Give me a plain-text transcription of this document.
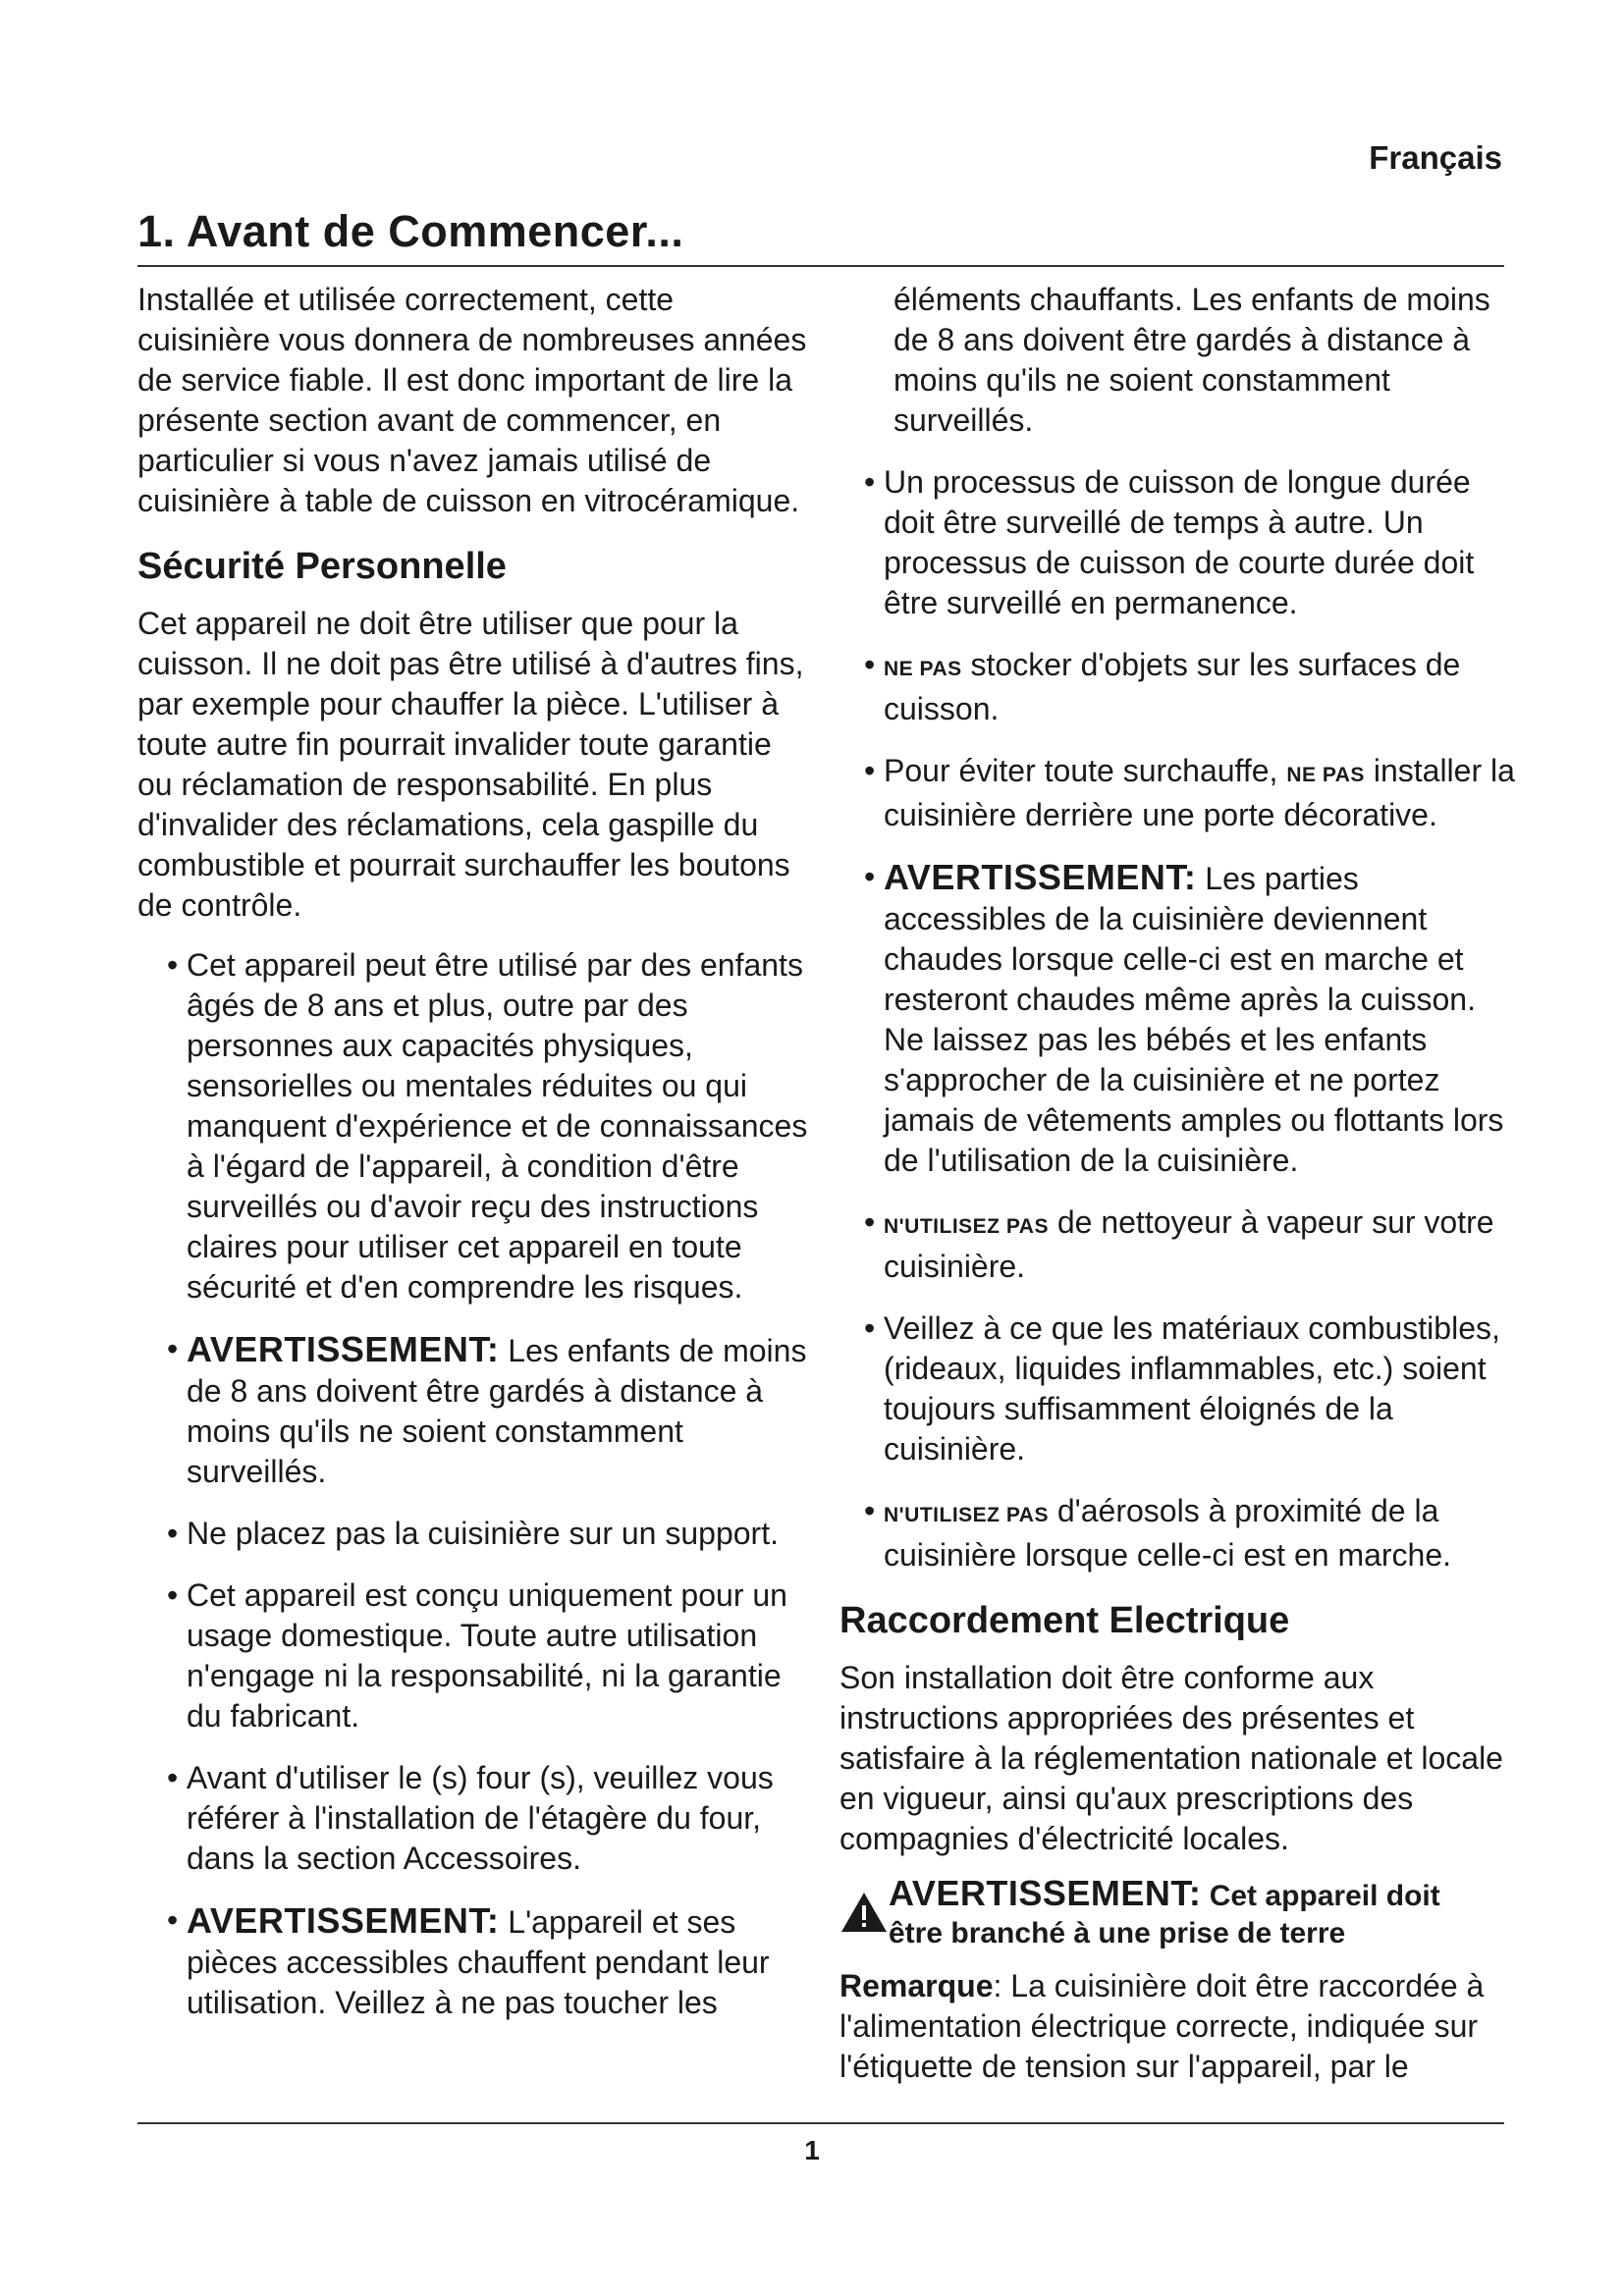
Français
1. Avant de Commencer...

Installée et utilisée correctement, cette cuisinière vous donnera de nombreuses années de service fiable. Il est donc important de lire la présente section avant de commencer, en particulier si vous n'avez jamais utilisé de cuisinière à table de cuisson en vitrocéramique.

Sécurité Personnelle

Cet appareil ne doit être utiliser que pour la cuisson. Il ne doit pas être utilisé à d'autres fins, par exemple pour chauffer la pièce. L'utiliser à toute autre fin pourrait invalider toute garantie ou réclamation de responsabilité. En plus d'invalider des réclamations, cela gaspille du combustible et pourrait surchauffer les boutons de contrôle.

• Cet appareil peut être utilisé par des enfants âgés de 8 ans et plus, outre par des personnes aux capacités physiques, sensorielles ou mentales réduites ou qui manquent d'expérience et de connaissances à l'égard de l'appareil, à condition d'être surveillés ou d'avoir reçu des instructions claires pour utiliser cet appareil en toute sécurité et d'en comprendre les risques.
• AVERTISSEMENT: Les enfants de moins de 8 ans doivent être gardés à distance à moins qu'ils ne soient constamment surveillés.
• Ne placez pas la cuisinière sur un support.
• Cet appareil est conçu uniquement pour un usage domestique. Toute autre utilisation n'engage ni la responsabilité, ni la garantie du fabricant.
• Avant d'utiliser le (s) four (s), veuillez vous référer à l'installation de l'étagère du four, dans la section Accessoires.
• AVERTISSEMENT: L'appareil et ses pièces accessibles chauffent pendant leur utilisation. Veillez à ne pas toucher les

éléments chauffants. Les enfants de moins de 8 ans doivent être gardés à distance à moins qu'ils ne soient constamment surveillés.

• Un processus de cuisson de longue durée doit être surveillé de temps à autre. Un processus de cuisson de courte durée doit être surveillé en permanence.
• NE PAS stocker d'objets sur les surfaces de cuisson.
• Pour éviter toute surchauffe, NE PAS installer la cuisinière derrière une porte décorative.
• AVERTISSEMENT: Les parties accessibles de la cuisinière deviennent chaudes lorsque celle-ci est en marche et resteront chaudes même après la cuisson. Ne laissez pas les bébés et les enfants s'approcher de la cuisinière et ne portez jamais de vêtements amples ou flottants lors de l'utilisation de la cuisinière.
• N'UTILISEZ PAS de nettoyeur à vapeur sur votre cuisinière.
• Veillez à ce que les matériaux combustibles, (rideaux, liquides inflammables, etc.) soient toujours suffisamment éloignés de la cuisinière.
• N'UTILISEZ PAS d'aérosols à proximité de la cuisinière lorsque celle-ci est en marche.
Raccordement Electrique

Son installation doit être conforme aux instructions appropriées des présentes et satisfaire à la réglementation nationale et locale en vigueur, ainsi qu'aux prescriptions des compagnies d'électricité locales.

AVERTISSEMENT: Cet appareil doit
être branché à une prise de terre

Remarque: La cuisinière doit être raccordée à l'alimentation électrique correcte, indiquée sur l'étiquette de tension sur l'appareil, par le

1
